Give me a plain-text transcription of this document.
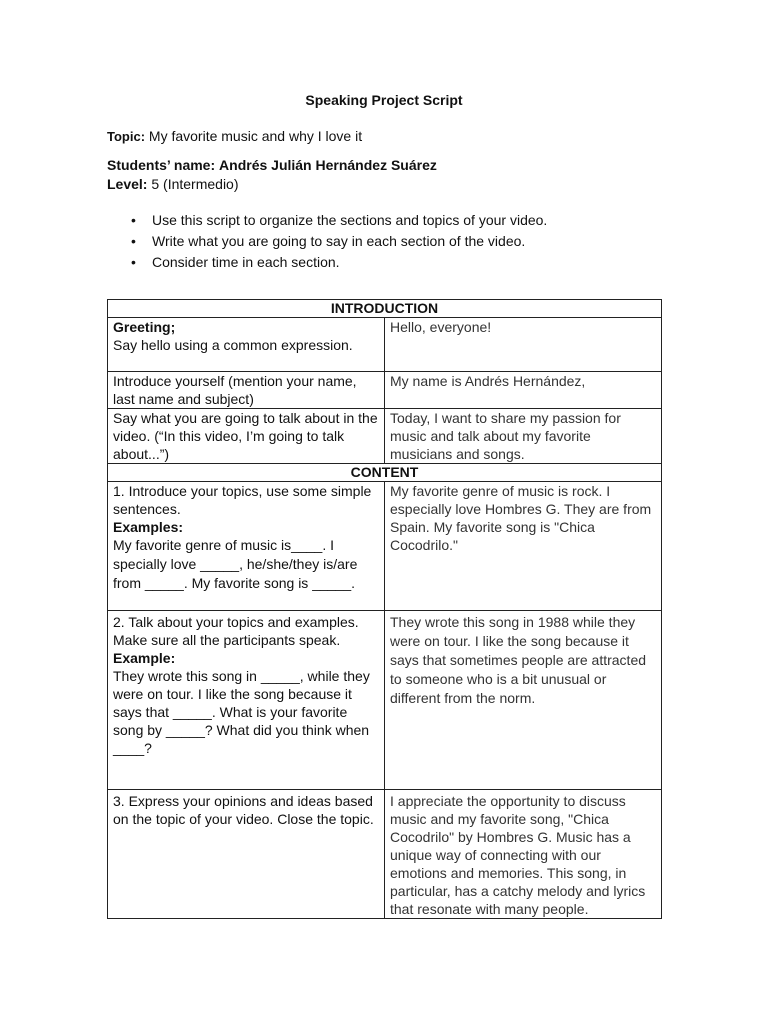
Speaking Project Script
Topic: My favorite music and why I love it
Students’ name: Andrés Julián Hernández Suárez
Level: 5 (Intermedio)
• Use this script to organize the sections and topics of your video.
• Write what you are going to say in each section of the video.
• Consider time in each section.
INTRODUCTION	

Greeting;
Say hello using a common expression.	Hello, everyone!
Introduce yourself (mention your name, last name and subject)	My name is Andrés Hernández,
Say what you are going to talk about in the video. (“In this video, I’m going to talk about...”)	Today, I want to share my passion for music and talk about my favorite musicians and songs.
CONTENT	

1. Introduce your topics, use some simple sentences.
Examples:
My favorite genre of music is____. I specially love _____, he/she/they is/are from _____. My favorite song is _____.	My favorite genre of music is rock. I especially love Hombres G. They are from Spain. My favorite song is "Chica Cocodrilo."

2. Talk about your topics and examples. Make sure all the participants speak.
Example:
They wrote this song in _____, while they were on tour. I like the song because it says that _____. What is your favorite song by _____? What did you think when ____?	They wrote this song in 1988 while they were on tour. I like the song because it says that sometimes people are attracted to someone who is a bit unusual or different from the norm.
3. Express your opinions and ideas based on the topic of your video. Close the topic.	I appreciate the opportunity to discuss music and my favorite song, "Chica Cocodrilo" by Hombres G. Music has a unique way of connecting with our emotions and memories. This song, in particular, has a catchy melody and lyrics that resonate with many people.
